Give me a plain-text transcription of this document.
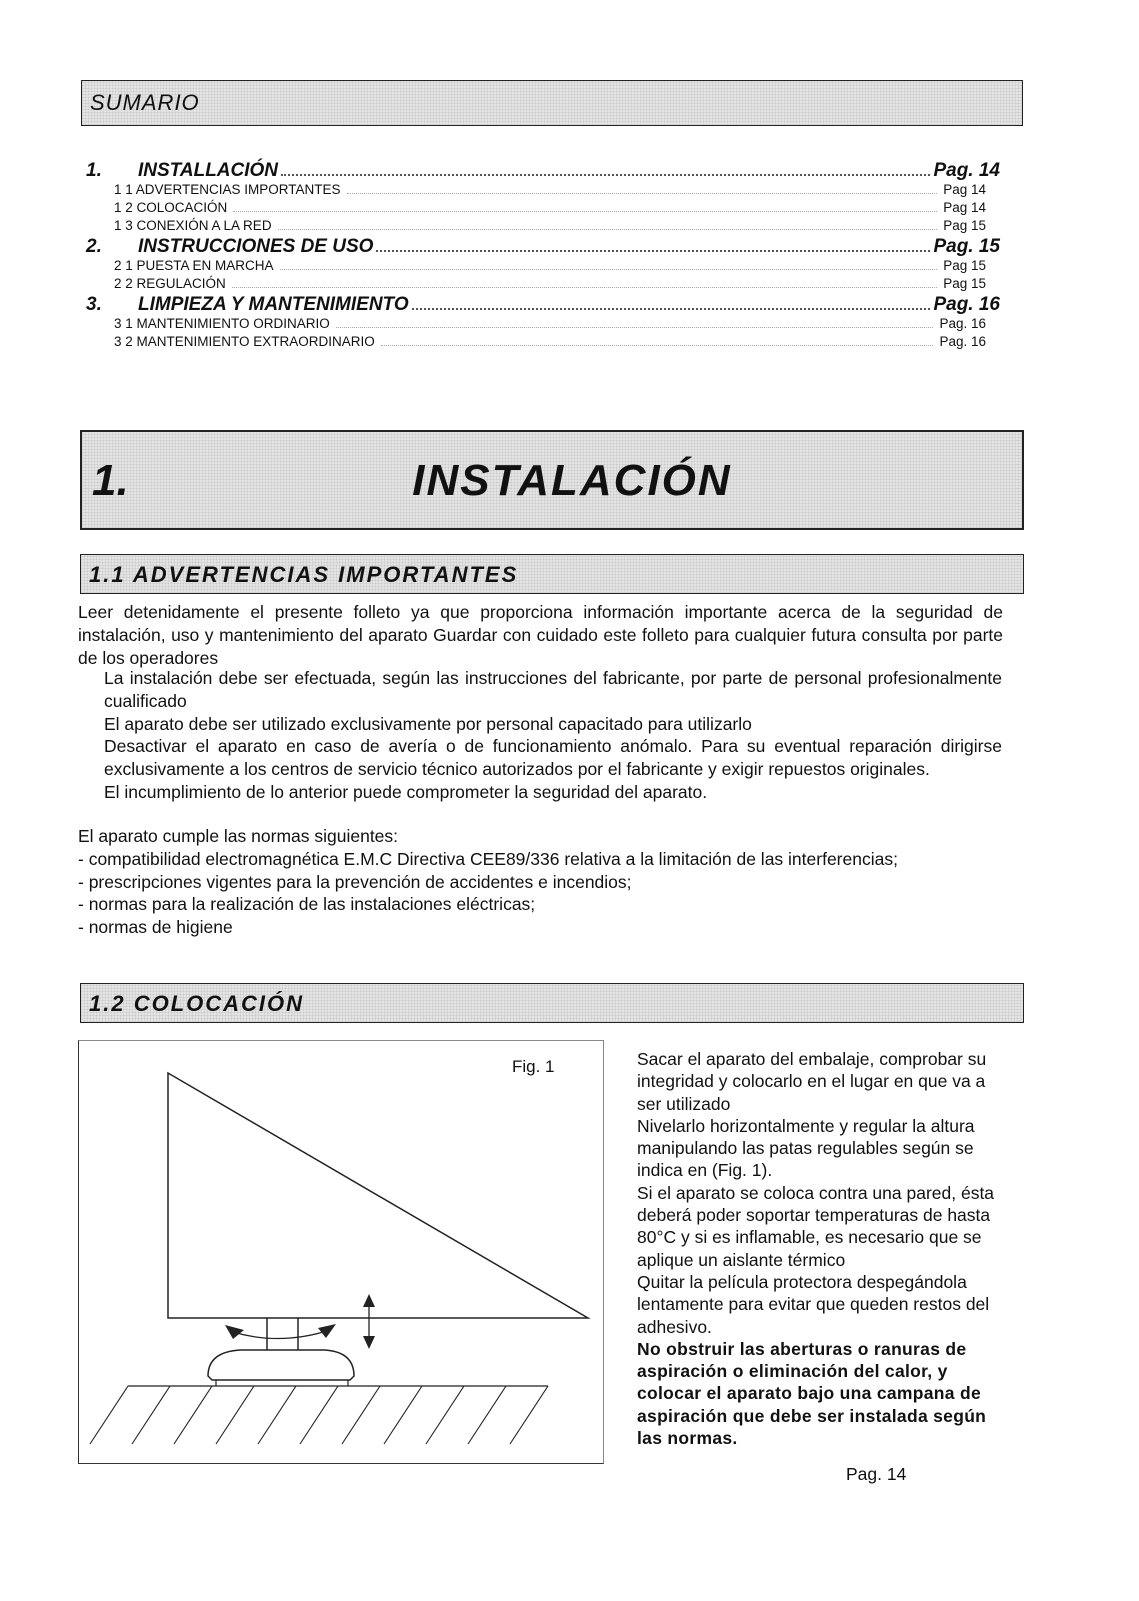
SUMARIO
1.	INSTALLACIÓN	Pag. 14
1 1 ADVERTENCIAS IMPORTANTES	Pag 14
1 2 COLOCACIÓN	Pag 14
1 3 CONEXIÓN A LA RED	Pag 15
2.	INSTRUCCIONES DE USO	Pag. 15
2 1 PUESTA EN MARCHA	Pag 15
2 2 REGULACIÓN	Pag 15
3.	LIMPIEZA Y MANTENIMIENTO	Pag. 16
3 1 MANTENIMIENTO ORDINARIO	Pag. 16
3 2 MANTENIMIENTO EXTRAORDINARIO	Pag. 16
1.	INSTALACIÓN
1.1 ADVERTENCIAS IMPORTANTES
Leer detenidamente el presente folleto ya que proporciona información importante acerca de la seguridad de instalación, uso y mantenimiento del aparato Guardar con cuidado este folleto para cualquier futura consulta por parte de los operadores
La instalación debe ser efectuada, según las instrucciones del fabricante, por parte de personal profesionalmente cualificado
El aparato debe ser utilizado exclusivamente por personal capacitado para utilizarlo
Desactivar el aparato en caso de avería o de funcionamiento anómalo. Para su eventual reparación dirigirse exclusivamente a los centros de servicio técnico autorizados por el fabricante y exigir repuestos originales.
El incumplimiento de lo anterior puede comprometer la seguridad del aparato.
El aparato cumple las normas siguientes:
- compatibilidad electromagnética E.M.C Directiva CEE89/336 relativa a la limitación de las interferencias;
- prescripciones vigentes para la prevención de accidentes e incendios;
- normas para la realización de las instalaciones eléctricas;
- normas de higiene
1.2 COLOCACIÓN
Fig. 1	Sacar el aparato del embalaje, comprobar su integridad y colocarlo en el lugar en que va a ser utilizado
Nivelarlo horizontalmente y regular la altura manipulando las patas regulables según se indica en (Fig. 1).
Si el aparato se coloca contra una pared, ésta deberá poder soportar temperaturas de hasta 80°C y si es inflamable, es necesario que se aplique un aislante térmico
Quitar la película protectora despegándola lentamente para evitar que queden restos del adhesivo.
No obstruir las aberturas o ranuras de aspiración o eliminación del calor, y colocar el aparato bajo una campana de aspiración que debe ser instalada según las normas.
Pag. 14
